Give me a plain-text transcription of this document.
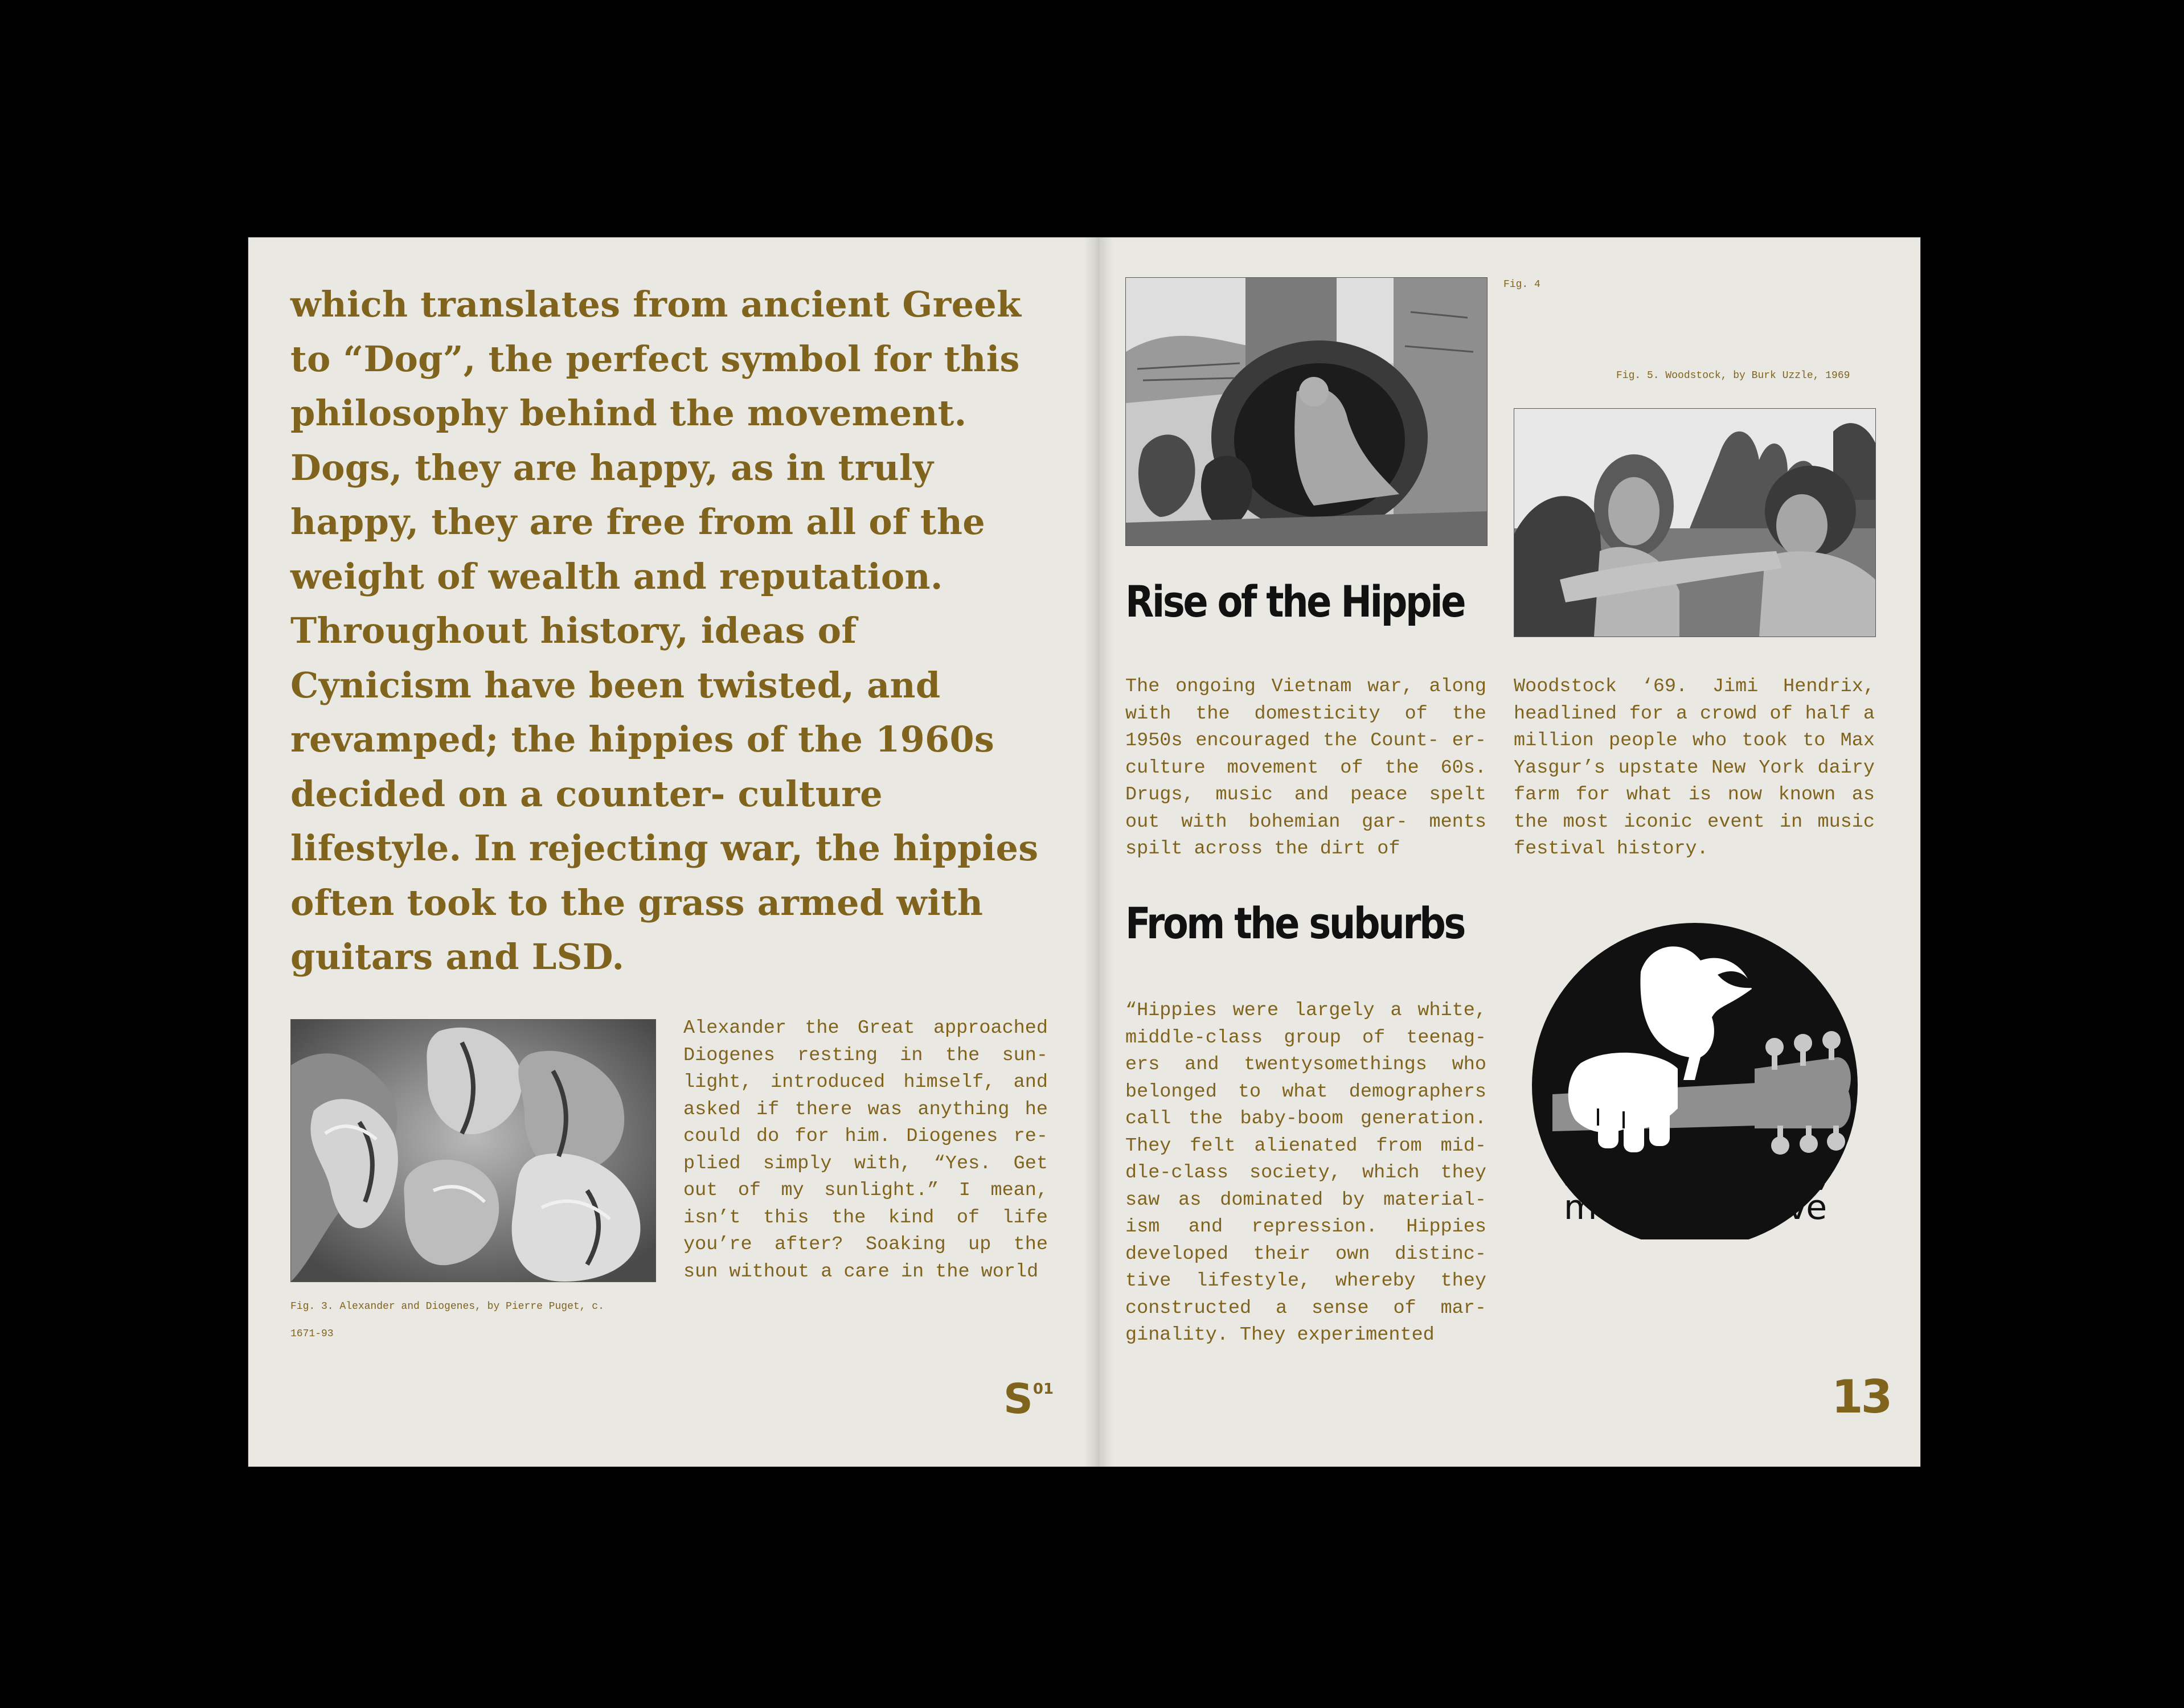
which translates from ancient Greek to “Dog”, the perfect symbol for this philosophy behind the movement. Dogs, they are happy, as in truly happy, they are free from all of the weight of wealth and reputation. Throughout history, ideas of Cynicism have been twisted, and revamped; the hippies of the 1960s decided on a counter- culture lifestyle. In rejecting war, the hippies often took to the grass armed with guitars and LSD.
Alexander the Great approached Diogenes resting in the sun- light, introduced himself, and asked if there was anything he could do for him. Diogenes re- plied simply with, “Yes. Get out of my sunlight.” I mean, isn’t this the kind of life you’re after? Soaking up the sun without a care in the world
Fig. 3. Alexander and Diogenes, by Pierre Puget, c.
1671-93
S01
Fig. 4
Fig. 5. Woodstock, by Burk Uzzle, 1969
Rise of the Hippie
The ongoing Vietnam war, along with the domesticity of the 1950s encouraged the Count- er-culture movement of the 60s. Drugs, music and peace spelt out with bohemian gar- ments spilt across the dirt of
Woodstock ‘69. Jimi Hendrix, headlined for a crowd of half a million people who took to Max Yasgur’s upstate New York dairy farm for what is now known as the most iconic event in music festival history.
From the suburbs
“Hippies were largely a white, middle-class group of teenag- ers and twentysomethings who belonged to what demographers call the baby-boom generation. They felt alienated from mid- dle-class society, which they saw as dominated by material- ism and repression. Hippies developed their own distinc- tive lifestyle, whereby they constructed a sense of mar- ginality. They experimented
3 days of peace,
music...and love
13
